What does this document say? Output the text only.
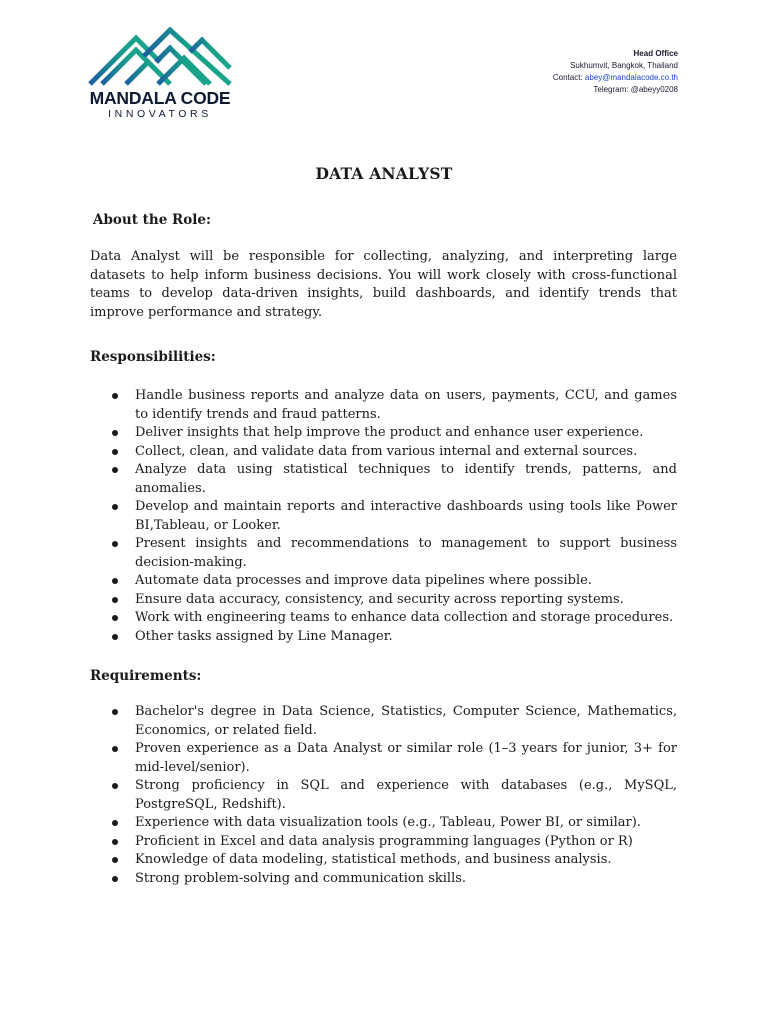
MANDALA CODE
INNOVATORS
Head Office
Sukhumvit, Bangkok, Thailand
Contact: abey@mandalacode.co.th
Telegram: @abeyy0208
DATA ANALYST
About the Role:

Data Analyst will be responsible for collecting, analyzing, and interpreting large datasets to help inform business decisions. You will work closely with cross-functional teams to develop data-driven insights, build dashboards, and identify trends that improve performance and strategy.

Responsibilities:
Handle business reports and analyze data on users, payments, CCU, and games to identify trends and fraud patterns.
Deliver insights that help improve the product and enhance user experience.
Collect, clean, and validate data from various internal and external sources.
Analyze data using statistical techniques to identify trends, patterns, and anomalies.
Develop and maintain reports and interactive dashboards using tools like Power BI,Tableau, or Looker.
Present insights and recommendations to management to support business decision-making.
Automate data processes and improve data pipelines where possible.
Ensure data accuracy, consistency, and security across reporting systems.
Work with engineering teams to enhance data collection and storage procedures.
Other tasks assigned by Line Manager.
Requirements:
Bachelor's degree in Data Science, Statistics, Computer Science, Mathematics, Economics, or related field.
Proven experience as a Data Analyst or similar role (1–3 years for junior, 3+ for mid-level/senior).
Strong proficiency in SQL and experience with databases (e.g., MySQL, PostgreSQL, Redshift).
Experience with data visualization tools (e.g., Tableau, Power BI, or similar).
Proficient in Excel and data analysis programming languages (Python or R)
Knowledge of data modeling, statistical methods, and business analysis.
Strong problem-solving and communication skills.
